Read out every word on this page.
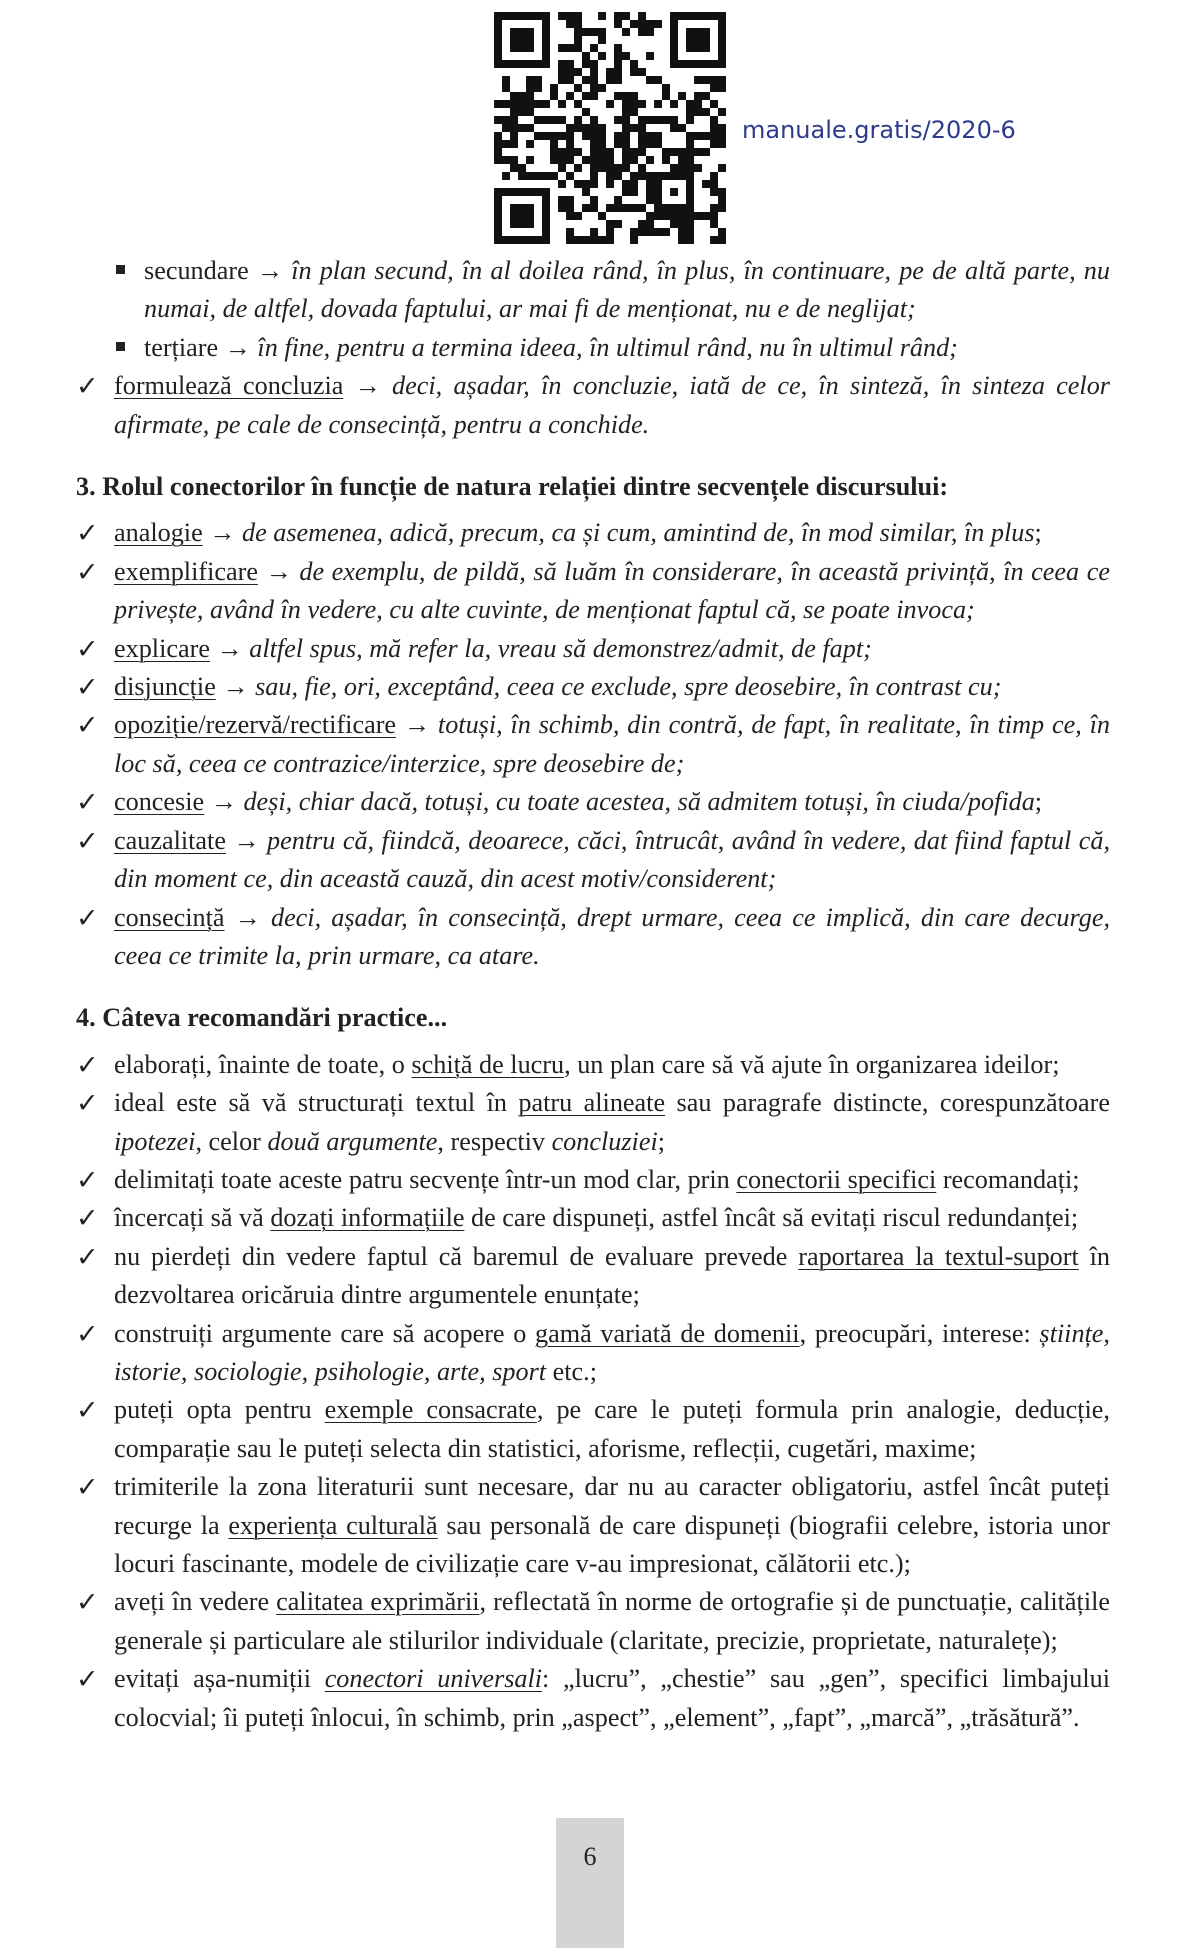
manuale.gratis/2020-6
secundare → în plan secund, în al doilea rând, în plus, în continuare, pe de altă parte, nu numai, de altfel, dovada faptului, ar mai fi de menționat, nu e de neglijat;
terțiare → în fine, pentru a termina ideea, în ultimul rând, nu în ultimul rând;
✓ formulează concluzia → deci, așadar, în concluzie, iată de ce, în sinteză, în sinteza celor afirmate, pe cale de consecință, pentru a conchide.
3. Rolul conectorilor în funcție de natura relației dintre secvențele discursului:
✓ analogie → de asemenea, adică, precum, ca și cum, amintind de, în mod similar, în plus;
✓ exemplificare → de exemplu, de pildă, să luăm în considerare, în această privință, în ceea ce privește, având în vedere, cu alte cuvinte, de menționat faptul că, se poate invoca;
✓ explicare → altfel spus, mă refer la, vreau să demonstrez/admit, de fapt;
✓ disjuncție → sau, fie, ori, exceptând, ceea ce exclude, spre deosebire, în contrast cu;
✓ opoziție/rezervă/rectificare → totuși, în schimb, din contră, de fapt, în realitate, în timp ce, în loc să, ceea ce contrazice/interzice, spre deosebire de;
✓ concesie → deși, chiar dacă, totuși, cu toate acestea, să admitem totuși, în ciuda/pofida;
✓ cauzalitate → pentru că, fiindcă, deoarece, căci, întrucât, având în vedere, dat fiind faptul că, din moment ce, din această cauză, din acest motiv/considerent;
✓ consecință → deci, așadar, în consecință, drept urmare, ceea ce implică, din care decurge, ceea ce trimite la, prin urmare, ca atare.
4. Câteva recomandări practice...
✓ elaborați, înainte de toate, o schiță de lucru, un plan care să vă ajute în organizarea ideilor;
✓ ideal este să vă structurați textul în patru alineate sau paragrafe distincte, corespunzătoare ipotezei, celor două argumente, respectiv concluziei;
✓ delimitați toate aceste patru secvențe într-un mod clar, prin conectorii specifici recomandați;
✓ încercați să vă dozați informațiile de care dispuneți, astfel încât să evitați riscul redundanței;
✓ nu pierdeți din vedere faptul că baremul de evaluare prevede raportarea la textul-suport în dezvoltarea oricăruia dintre argumentele enunțate;
✓ construiți argumente care să acopere o gamă variată de domenii, preocupări, interese: științe, istorie, sociologie, psihologie, arte, sport etc.;
✓ puteți opta pentru exemple consacrate, pe care le puteți formula prin analogie, deducție, comparație sau le puteți selecta din statistici, aforisme, reflecții, cugetări, maxime;
✓ trimiterile la zona literaturii sunt necesare, dar nu au caracter obligatoriu, astfel încât puteți recurge la experiența culturală sau personală de care dispuneți (biografii celebre, istoria unor locuri fascinante, modele de civilizație care v-au impresionat, călătorii etc.);
✓ aveți în vedere calitatea exprimării, reflectată în norme de ortografie și de punctuație, calitățile generale și particulare ale stilurilor individuale (claritate, precizie, proprietate, naturalețe);
✓ evitați așa-numiții conectori universali: „lucru”, „chestie” sau „gen”, specifici limbajului colocvial; îi puteți înlocui, în schimb, prin „aspect”, „element”, „fapt”, „marcă”, „trăsătură”.
6
